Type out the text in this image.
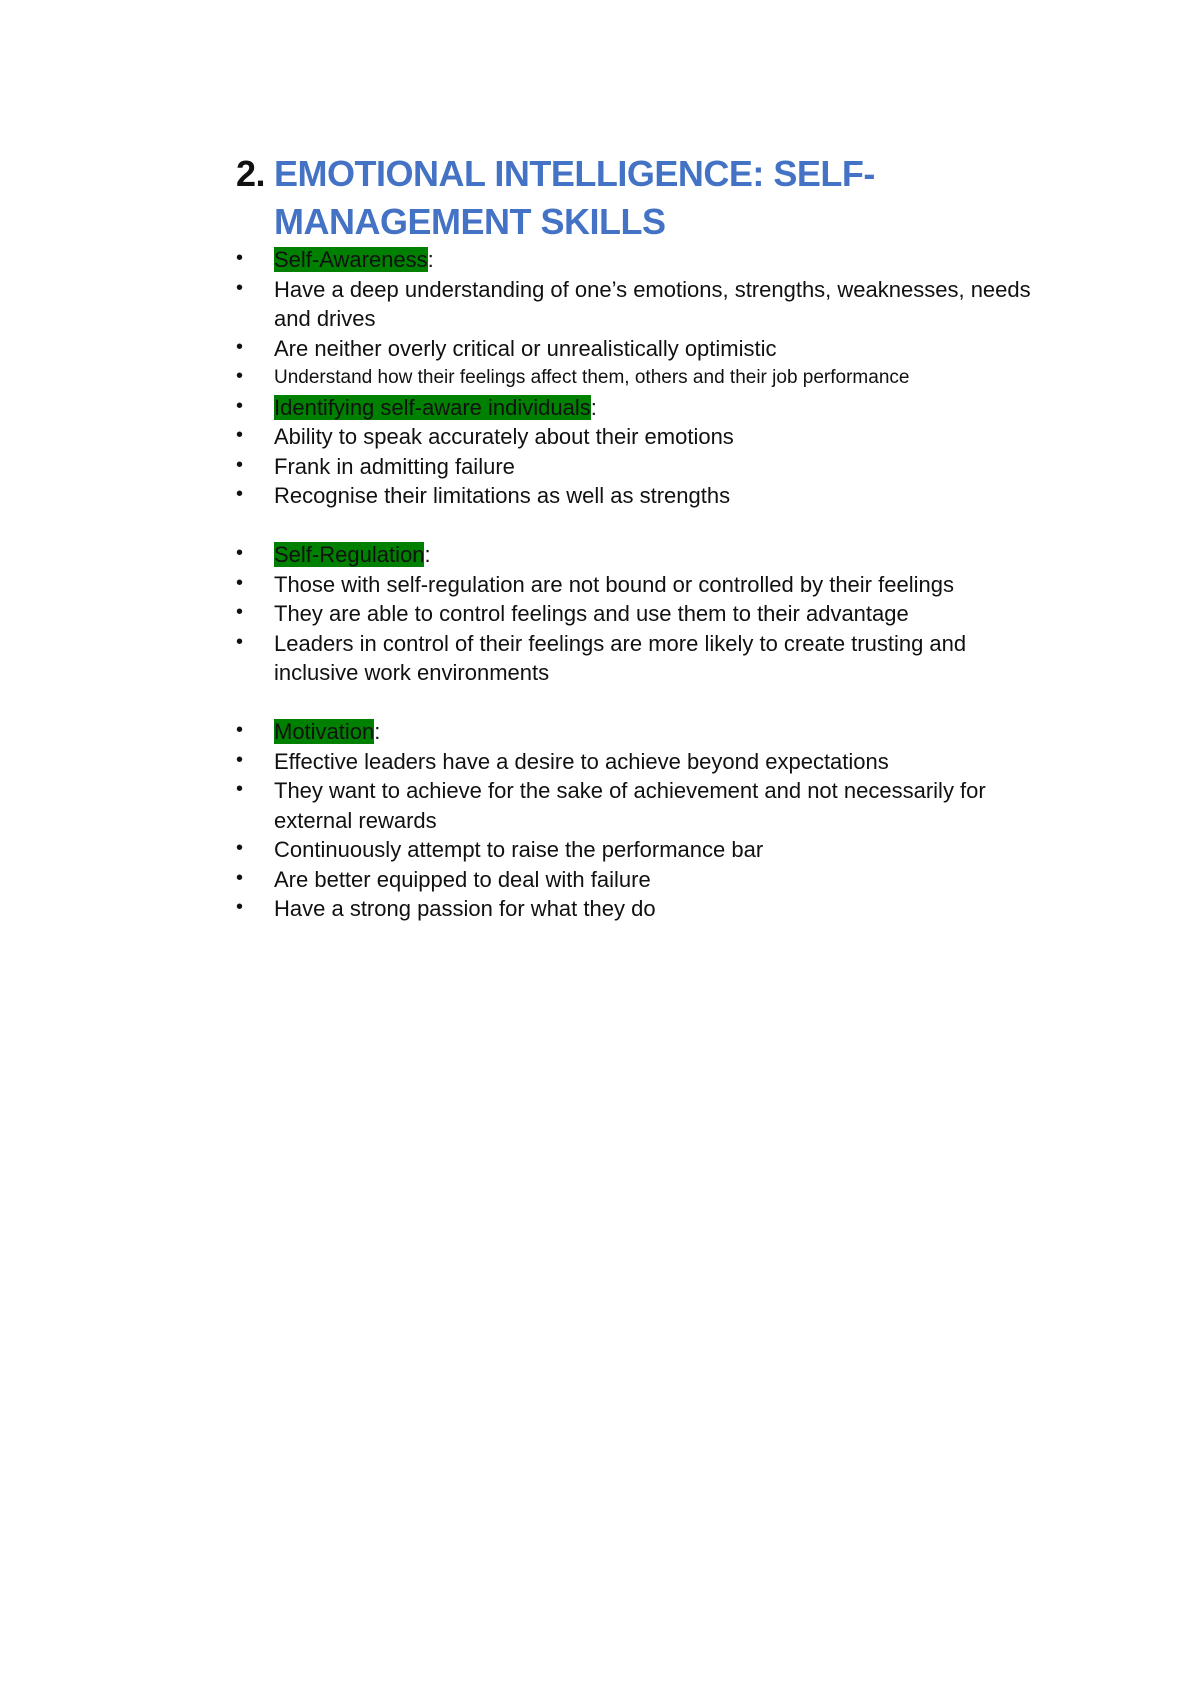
2. EMOTIONAL INTELLIGENCE: SELF-
MANAGEMENT SKILLS
•	Self-Awareness:
•	Have a deep understanding of one’s emotions, strengths, weaknesses, needs and drives
•	Are neither overly critical or unrealistically optimistic
•	Understand how their feelings affect them, others and their job performance
•	Identifying self-aware individuals:
•	Ability to speak accurately about their emotions
•	Frank in admitting failure
•	Recognise their limitations as well as strengths
•	Self-Regulation:
•	Those with self-regulation are not bound or controlled by their feelings
•	They are able to control feelings and use them to their advantage
•	Leaders in control of their feelings are more likely to create trusting and inclusive work environments
•	Motivation:
•	Effective leaders have a desire to achieve beyond expectations
•	They want to achieve for the sake of achievement and not necessarily for external rewards
•	Continuously attempt to raise the performance bar
•	Are better equipped to deal with failure
•	Have a strong passion for what they do
